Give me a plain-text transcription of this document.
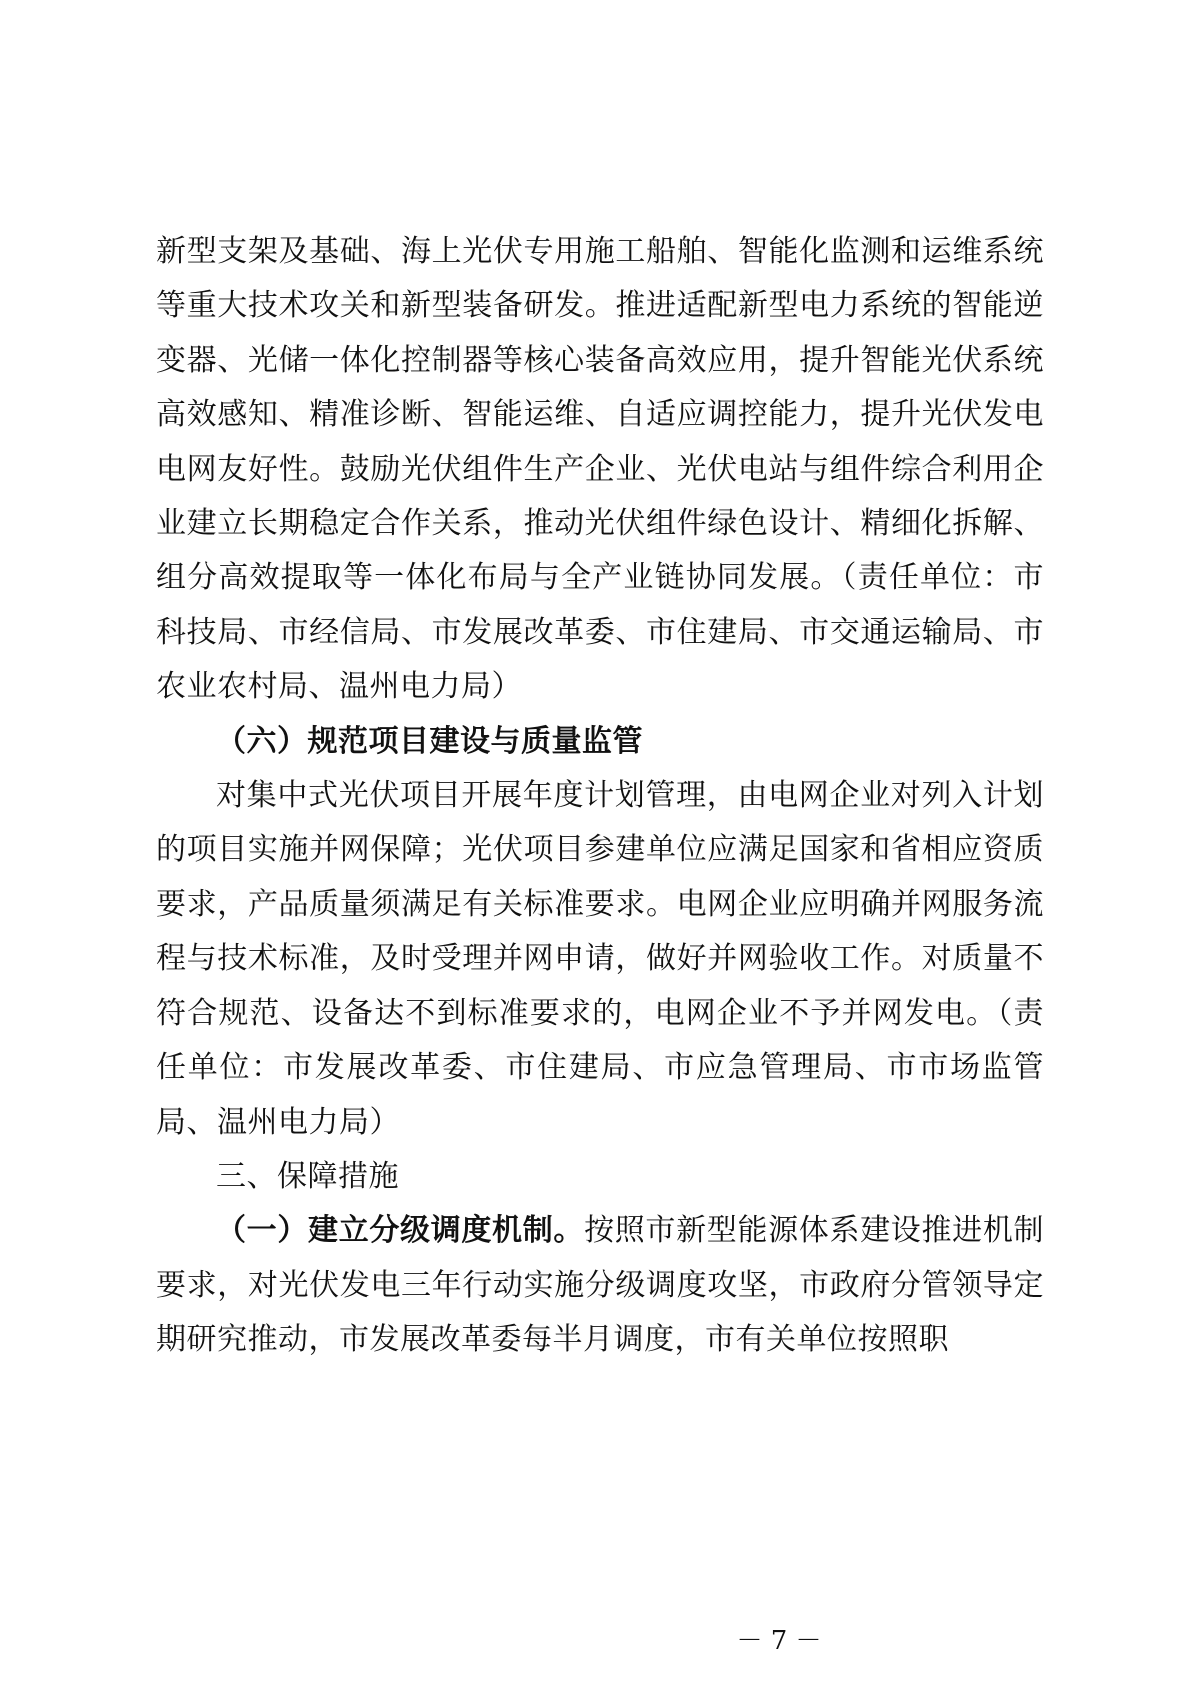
新型支架及基础、海上光伏专用施工船舶、智能化监测和运维系统等重大技术攻关和新型装备研发。推进适配新型电力系统的智能逆变器、光储一体化控制器等核心装备高效应用，提升智能光伏系统高效感知、精准诊断、智能运维、自适应调控能力，提升光伏发电电网友好性。鼓励光伏组件生产企业、光伏电站与组件综合利用企业建立长期稳定合作关系，推动光伏组件绿色设计、精细化拆解、组分高效提取等一体化布局与全产业链协同发展。（责任单位：市科技局、市经信局、市发展改革委、市住建局、市交通运输局、市农业农村局、温州电力局）

（六）规范项目建设与质量监管

对集中式光伏项目开展年度计划管理，由电网企业对列入计划的项目实施并网保障；光伏项目参建单位应满足国家和省相应资质要求，产品质量须满足有关标准要求。电网企业应明确并网服务流程与技术标准，及时受理并网申请，做好并网验收工作。对质量不符合规范、设备达不到标准要求的，电网企业不予并网发电。（责任单位：市发展改革委、市住建局、市应急管理局、市市场监管局、温州电力局）

三、保障措施

（一）建立分级调度机制。按照市新型能源体系建设推进机制要求，对光伏发电三年行动实施分级调度攻坚，市政府分管领导定期研究推动，市发展改革委每半月调度，市有关单位按照职

－ 7 －
